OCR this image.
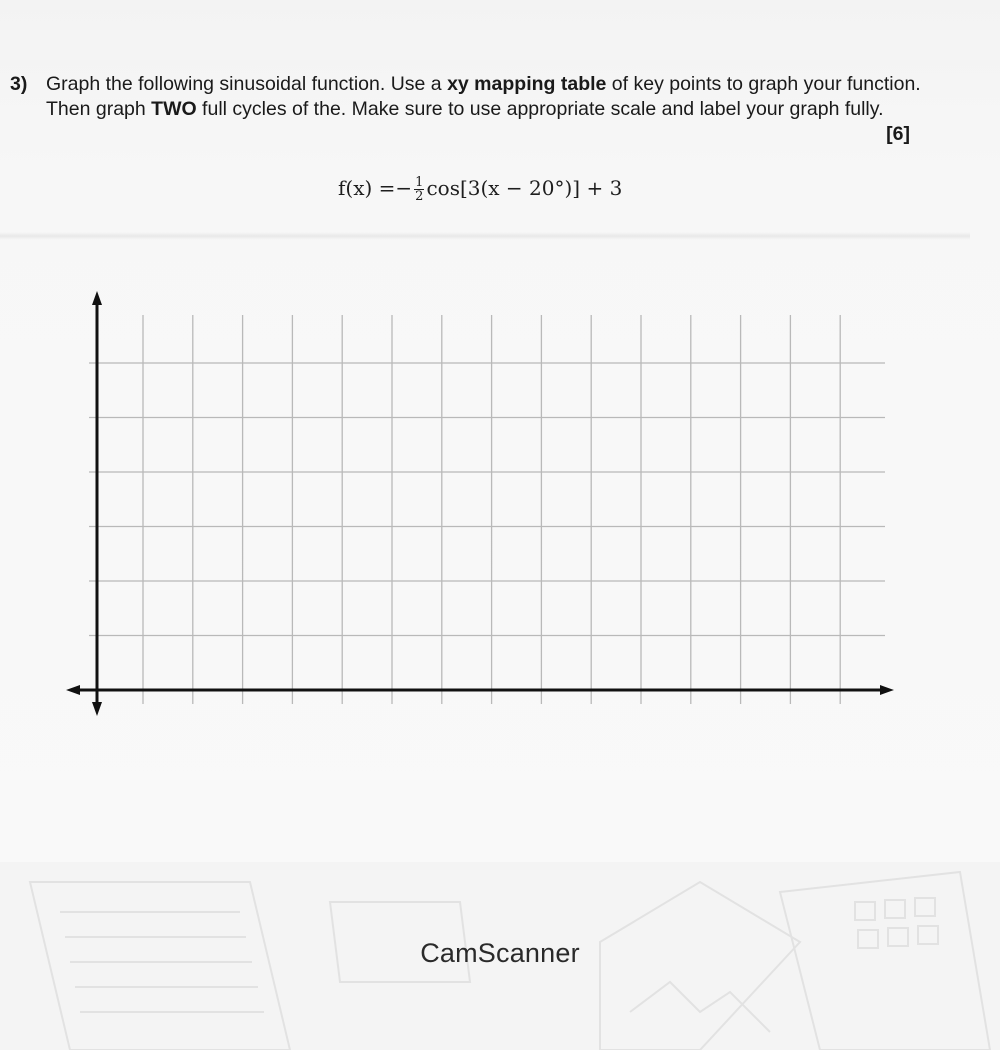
3) Graph the following sinusoidal function. Use a xy mapping table of key points to graph your function. Then graph TWO full cycles of the. Make sure to use appropriate scale and label your graph fully.
[6]
$f(x) =- \frac{1}{2} \cos[3(x - 20^\circ)] + 3$
CamScanner
